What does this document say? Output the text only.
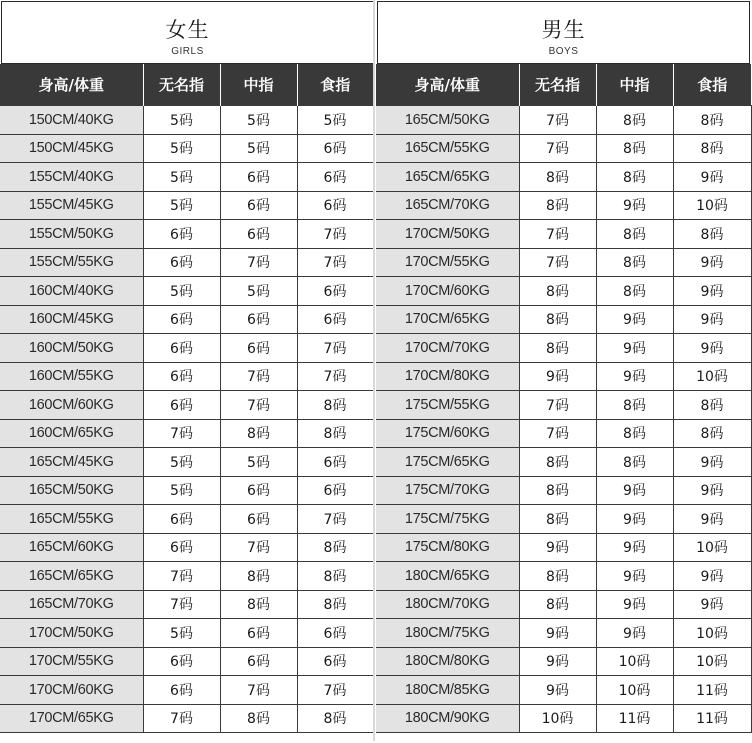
女生
GIRLS
身高/体重	无名指	中指	食指
150CM/40KG	5码	5码	5码
150CM/45KG	5码	5码	6码
155CM/40KG	5码	6码	6码
155CM/45KG	5码	6码	6码
155CM/50KG	6码	6码	7码
155CM/55KG	6码	7码	7码
160CM/40KG	5码	5码	6码
160CM/45KG	6码	6码	6码
160CM/50KG	6码	6码	7码
160CM/55KG	6码	7码	7码
160CM/60KG	6码	7码	8码
160CM/65KG	7码	8码	8码
165CM/45KG	5码	5码	6码
165CM/50KG	5码	6码	6码
165CM/55KG	6码	6码	7码
165CM/60KG	6码	7码	8码
165CM/65KG	7码	8码	8码
165CM/70KG	7码	8码	8码
170CM/50KG	5码	6码	6码
170CM/55KG	6码	6码	6码
170CM/60KG	6码	7码	7码
170CM/65KG	7码	8码	8码
男生
BOYS
身高/体重	无名指	中指	食指
165CM/50KG	7码	8码	8码
165CM/55KG	7码	8码	8码
165CM/65KG	8码	8码	9码
165CM/70KG	8码	9码	10码
170CM/50KG	7码	8码	8码
170CM/55KG	7码	8码	9码
170CM/60KG	8码	8码	9码
170CM/65KG	8码	9码	9码
170CM/70KG	8码	9码	9码
170CM/80KG	9码	9码	10码
175CM/55KG	7码	8码	8码
175CM/60KG	7码	8码	8码
175CM/65KG	8码	8码	9码
175CM/70KG	8码	9码	9码
175CM/75KG	8码	9码	9码
175CM/80KG	9码	9码	10码
180CM/65KG	8码	9码	9码
180CM/70KG	8码	9码	9码
180CM/75KG	9码	9码	10码
180CM/80KG	9码	10码	10码
180CM/85KG	9码	10码	11码
180CM/90KG	10码	11码	11码
